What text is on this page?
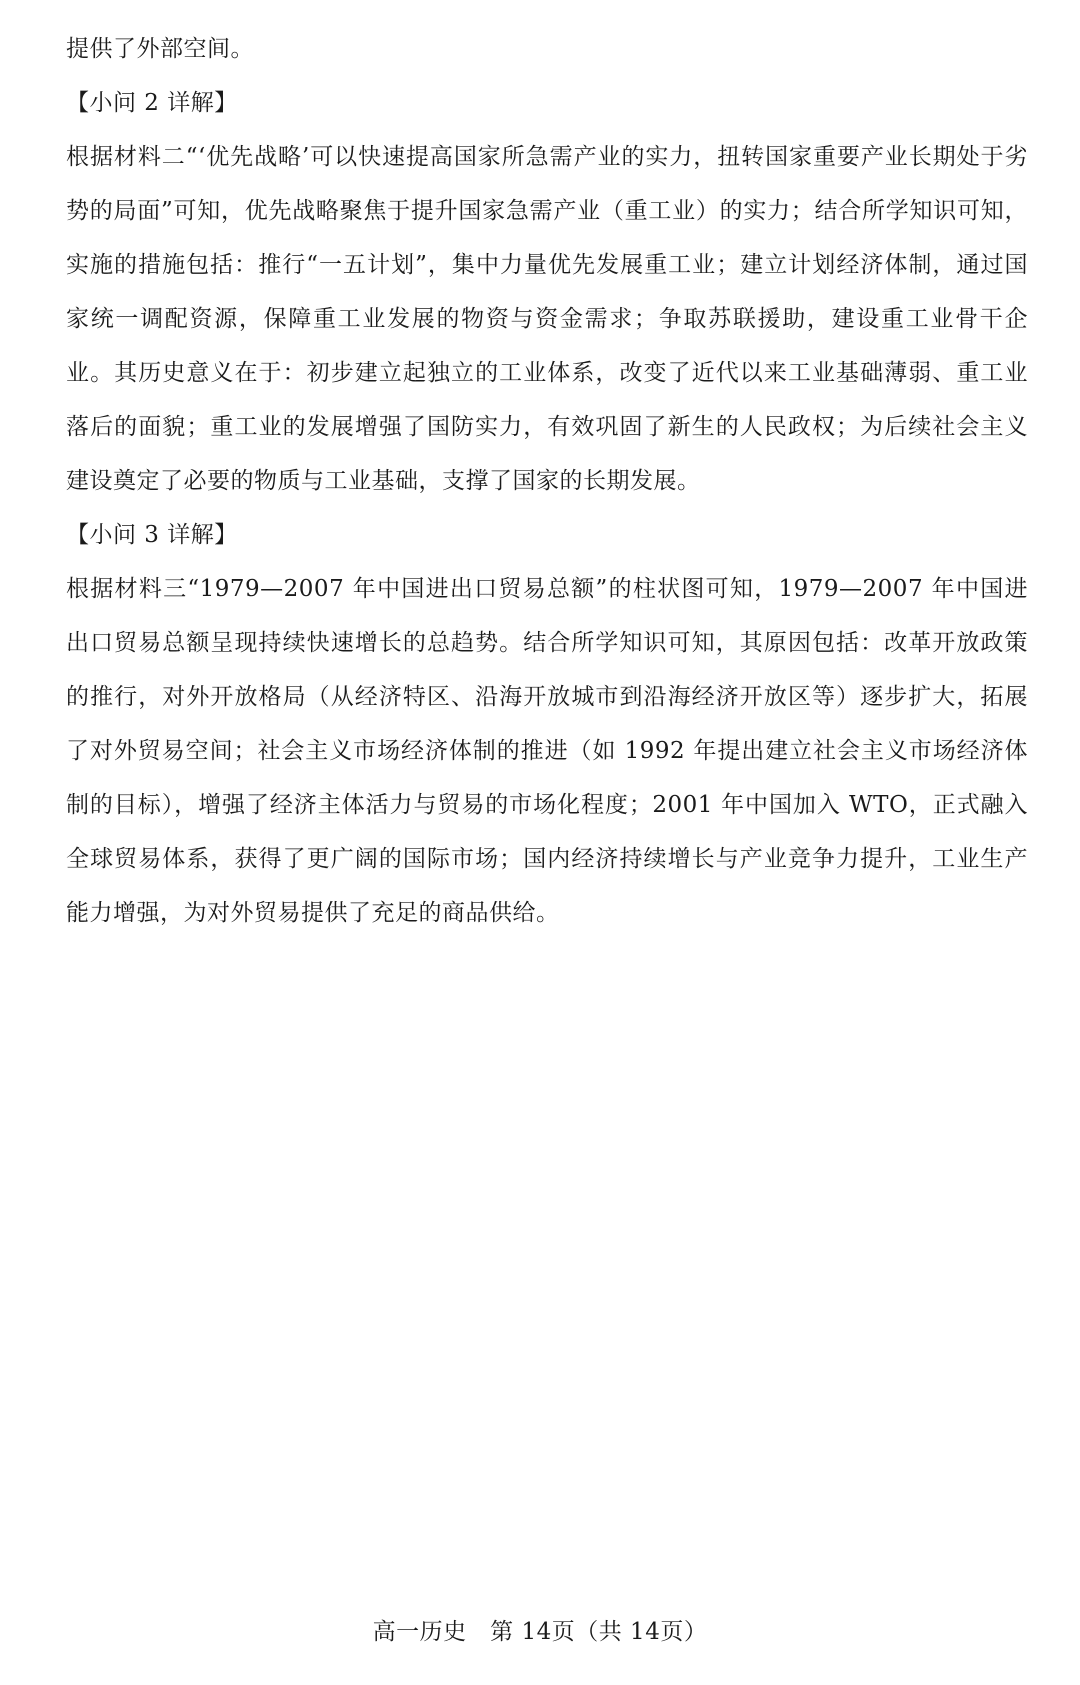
提供了外部空间。

【小问 2 详解】

根据材料二“‘优先战略’可以快速提高国家所急需产业的实力，扭转国家重要产业长期处于劣势的局面”可知，优先战略聚焦于提升国家急需产业（重工业）的实力；结合所学知识可知，实施的措施包括：推行“一五计划”，集中力量优先发展重工业；建立计划经济体制，通过国家统一调配资源，保障重工业发展的物资与资金需求；争取苏联援助，建设重工业骨干企业。其历史意义在于：初步建立起独立的工业体系，改变了近代以来工业基础薄弱、重工业落后的面貌；重工业的发展增强了国防实力，有效巩固了新生的人民政权；为后续社会主义建设奠定了必要的物质与工业基础，支撑了国家的长期发展。

【小问 3 详解】

根据材料三“1979—2007 年中国进出口贸易总额”的柱状图可知，1979—2007 年中国进出口贸易总额呈现持续快速增长的总趋势。结合所学知识可知，其原因包括：改革开放政策的推行，对外开放格局（从经济特区、沿海开放城市到沿海经济开放区等）逐步扩大，拓展了对外贸易空间；社会主义市场经济体制的推进（如 1992 年提出建立社会主义市场经济体制的目标），增强了经济主体活力与贸易的市场化程度；2001 年中国加入 WTO，正式融入全球贸易体系，获得了更广阔的国际市场；国内经济持续增长与产业竞争力提升，工业生产能力增强，为对外贸易提供了充足的商品供给。

高一历史　第 14页（共 14页）
